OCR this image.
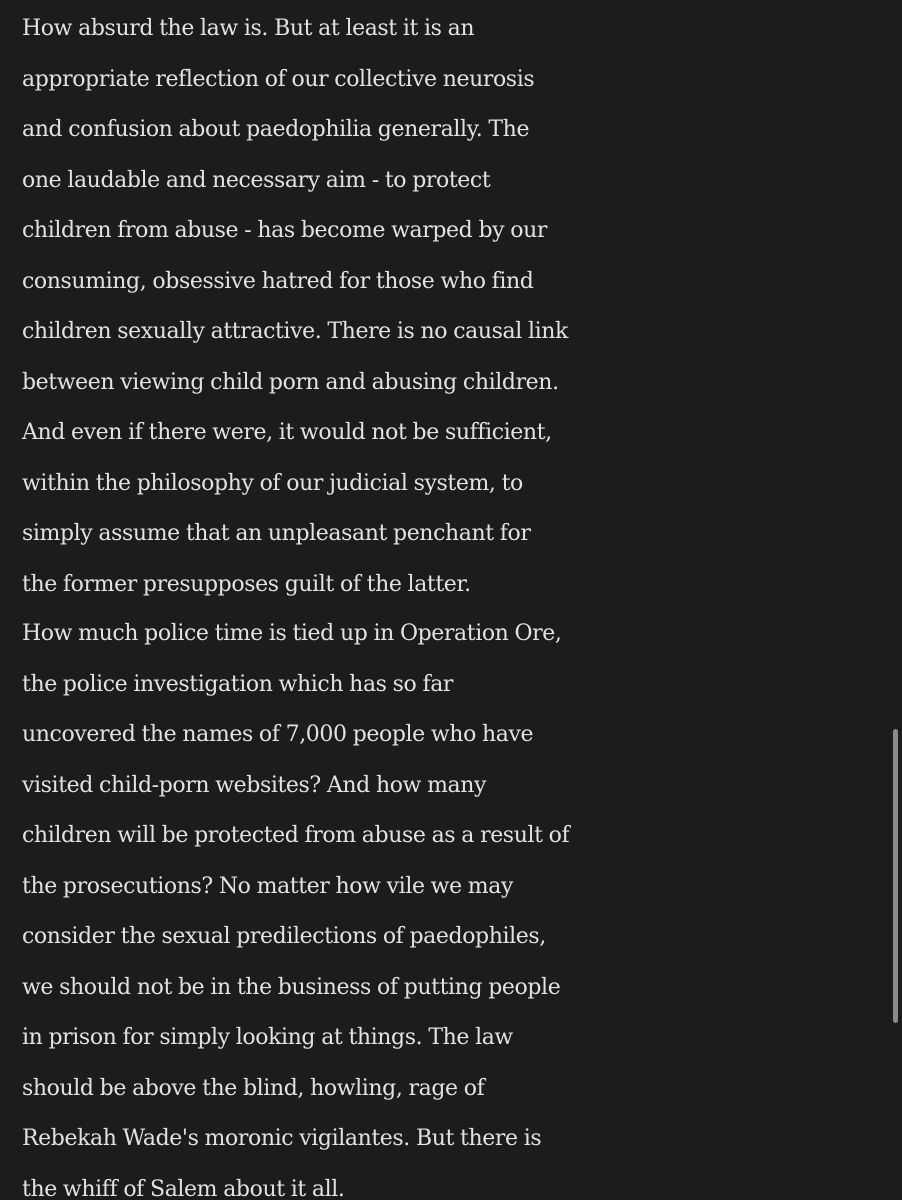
How absurd the law is. But at least it is an
appropriate reflection of our collective neurosis
and confusion about paedophilia generally. The
one laudable and necessary aim - to protect
children from abuse - has become warped by our
consuming, obsessive hatred for those who find
children sexually attractive. There is no causal link
between viewing child porn and abusing children.
And even if there were, it would not be sufficient,
within the philosophy of our judicial system, to
simply assume that an unpleasant penchant for
the former presupposes guilt of the latter.

How much police time is tied up in Operation Ore,
the police investigation which has so far
uncovered the names of 7,000 people who have
visited child-porn websites? And how many
children will be protected from abuse as a result of
the prosecutions? No matter how vile we may
consider the sexual predilections of paedophiles,
we should not be in the business of putting people
in prison for simply looking at things. The law
should be above the blind, howling, rage of
Rebekah Wade's moronic vigilantes. But there is
the whiff of Salem about it all.
